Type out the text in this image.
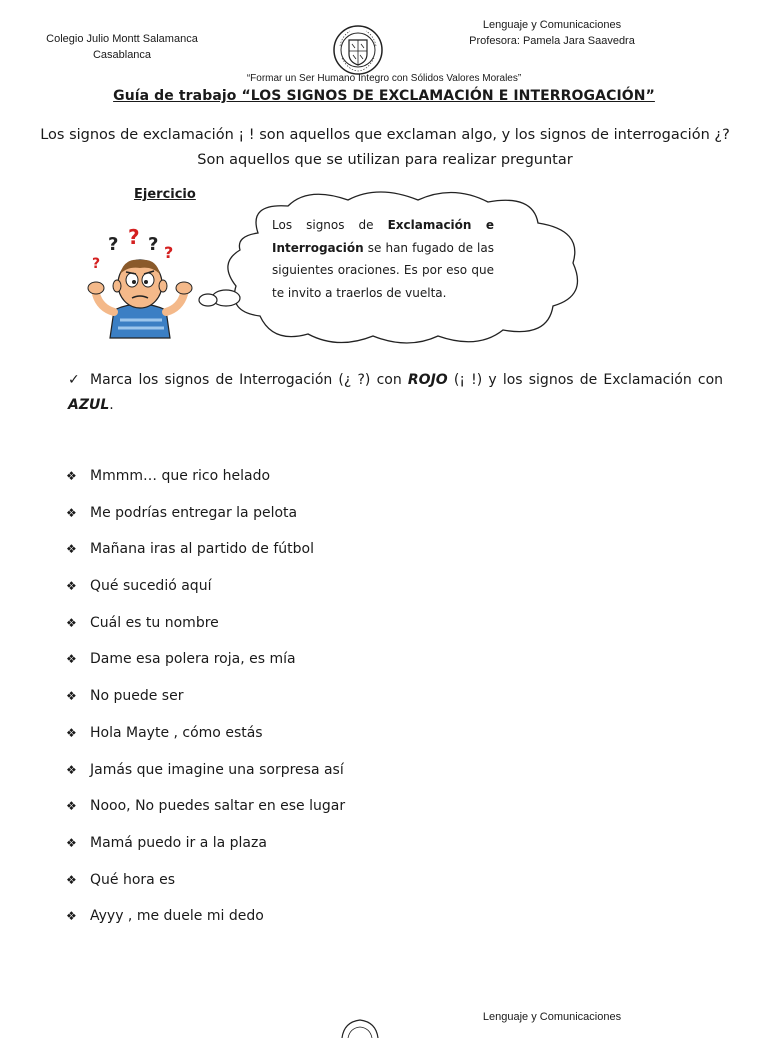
Colegio Julio Montt Salamanca
Casablanca
Lenguaje y Comunicaciones
Profesora: Pamela Jara Saavedra
“Formar un Ser Humano Integro con Sólidos Valores Morales”
Guía de trabajo “LOS SIGNOS DE EXCLAMACIÓN E INTERROGACIÓN”
Los signos de exclamación ¡ ! son aquellos que exclaman algo, y los signos de interrogación ¿? Son aquellos que se utilizan para realizar preguntar
Ejercicio
? ? ? ?
?
Los signos de Exclamación e Interrogación se han fugado de las siguientes oraciones. Es por eso que te invito a traerlos de vuelta.
✓ Marca los signos de Interrogación (¿ ?) con ROJO (¡ !) y los signos de Exclamación con AZUL.
❖ Mmmm… que rico helado
❖ Me podrías entregar la pelota
❖ Mañana iras al partido de fútbol
❖ Qué sucedió aquí
❖ Cuál es tu nombre
❖ Dame esa polera roja, es mía
❖ No puede ser
❖ Hola Mayte , cómo estás
❖ Jamás que imagine una sorpresa así
❖ Nooo, No puedes saltar en ese lugar
❖ Mamá puedo ir a la plaza
❖ Qué hora es
❖ Ayyy , me duele mi dedo
Lenguaje y Comunicaciones
